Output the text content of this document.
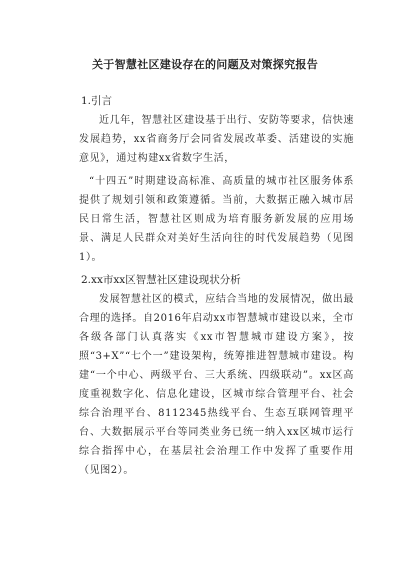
关于智慧社区建设存在的问题及对策探究报告
1.引言
近几年，智慧社区建设基于出行、安防等要求，信快速发展趋势，xx省商务厅会同省发展改革委、活建设的实施意见》，通过构建xx省数字生活，
“十四五”时期建设高标准、高质量的城市社区服务体系提供了规划引领和政策遵循。当前，大数据正融入城市居民日常生活，智慧社区则成为培育服务新发展的应用场景、满足人民群众对美好生活向往的时代发展趋势（见图1）。
2.xx市xx区智慧社区建设现状分析
发展智慧社区的模式，应结合当地的发展情况，做出最合理的选择。自2016年启动xx市智慧城市建设以来，全市各级各部门认真落实《xx市智慧城市建设方案》，按照“3+X”“七个一”建设架构，统筹推进智慧城市建设。构建“一个中心、两级平台、三大系统、四级联动”。xx区高度重视数字化、信息化建设，区城市综合管理平台、社会综合治理平台、8112345热线平台、生态互联网管理平台、大数据展示平台等同类业务已统一纳入xx区城市运行综合指挥中心，在基层社会治理工作中发挥了重要作用（见图2）。
